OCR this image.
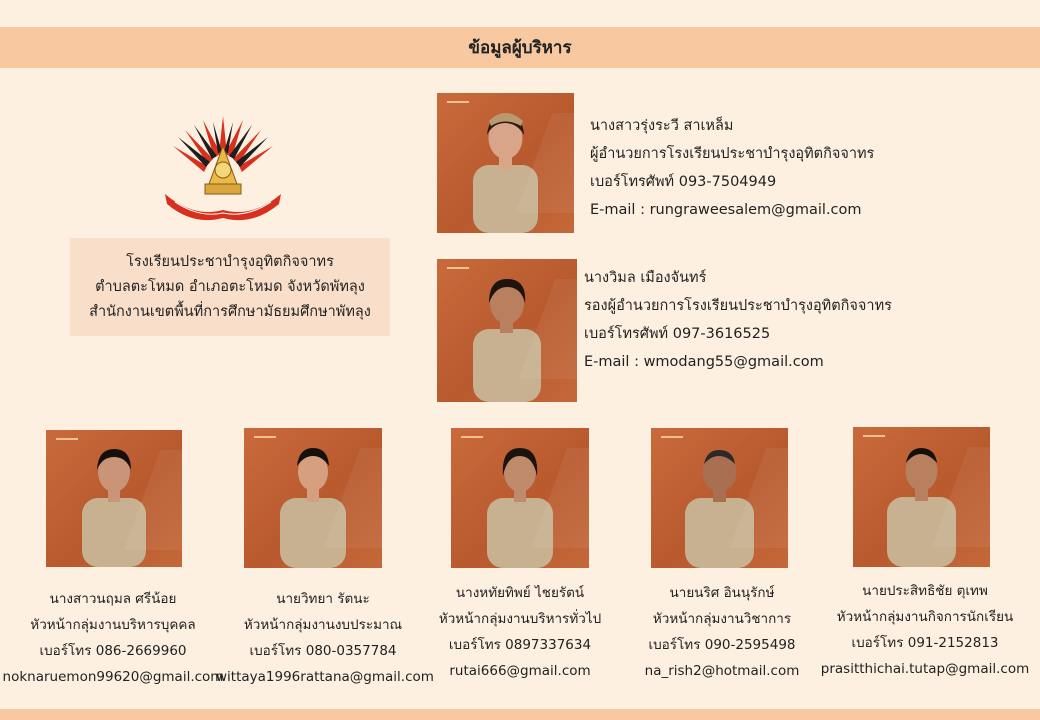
ข้อมูลผู้บริหาร
โรงเรียนประชาบำรุงอุทิตกิจจาทร
ตำบลตะโหมด อำเภอตะโหมด จังหวัดพัทลุง
สำนักงานเขตพื้นที่การศึกษามัธยมศึกษาพัทลุง
นางสาวรุ่งระวี สาเหล็ม
ผู้อำนวยการโรงเรียนประชาบำรุงอุทิตกิจจาทร
เบอร์โทรศัพท์ 093-7504949
E-mail : rungraweesalem@gmail.com
นางวิมล เมืองจันทร์
รองผู้อำนวยการโรงเรียนประชาบำรุงอุทิตกิจจาทร
เบอร์โทรศัพท์ 097-3616525
E-mail : wmodang55@gmail.com
นางสาวนฤมล ศรีน้อย
หัวหน้ากลุ่มงานบริหารบุคคล
เบอร์โทร 086-2669960
noknaruemon99620@gmail.com
นายวิทยา รัตนะ
หัวหน้ากลุ่มงานงบประมาณ
เบอร์โทร 080-0357784
wittaya1996rattana@gmail.com
นางหทัยทิพย์ ไชยรัตน์
หัวหน้ากลุ่มงานบริหารทั่วไป
เบอร์โทร 0897337634
rutai666@gmail.com
นายนริศ อินนุรักษ์
หัวหน้ากลุ่มงานวิชาการ
เบอร์โทร 090-2595498
na_rish2@hotmail.com
นายประสิทธิชัย ตุเทพ
หัวหน้ากลุ่มงานกิจการนักเรียน
เบอร์โทร 091-2152813
prasitthichai.tutap@gmail.com
